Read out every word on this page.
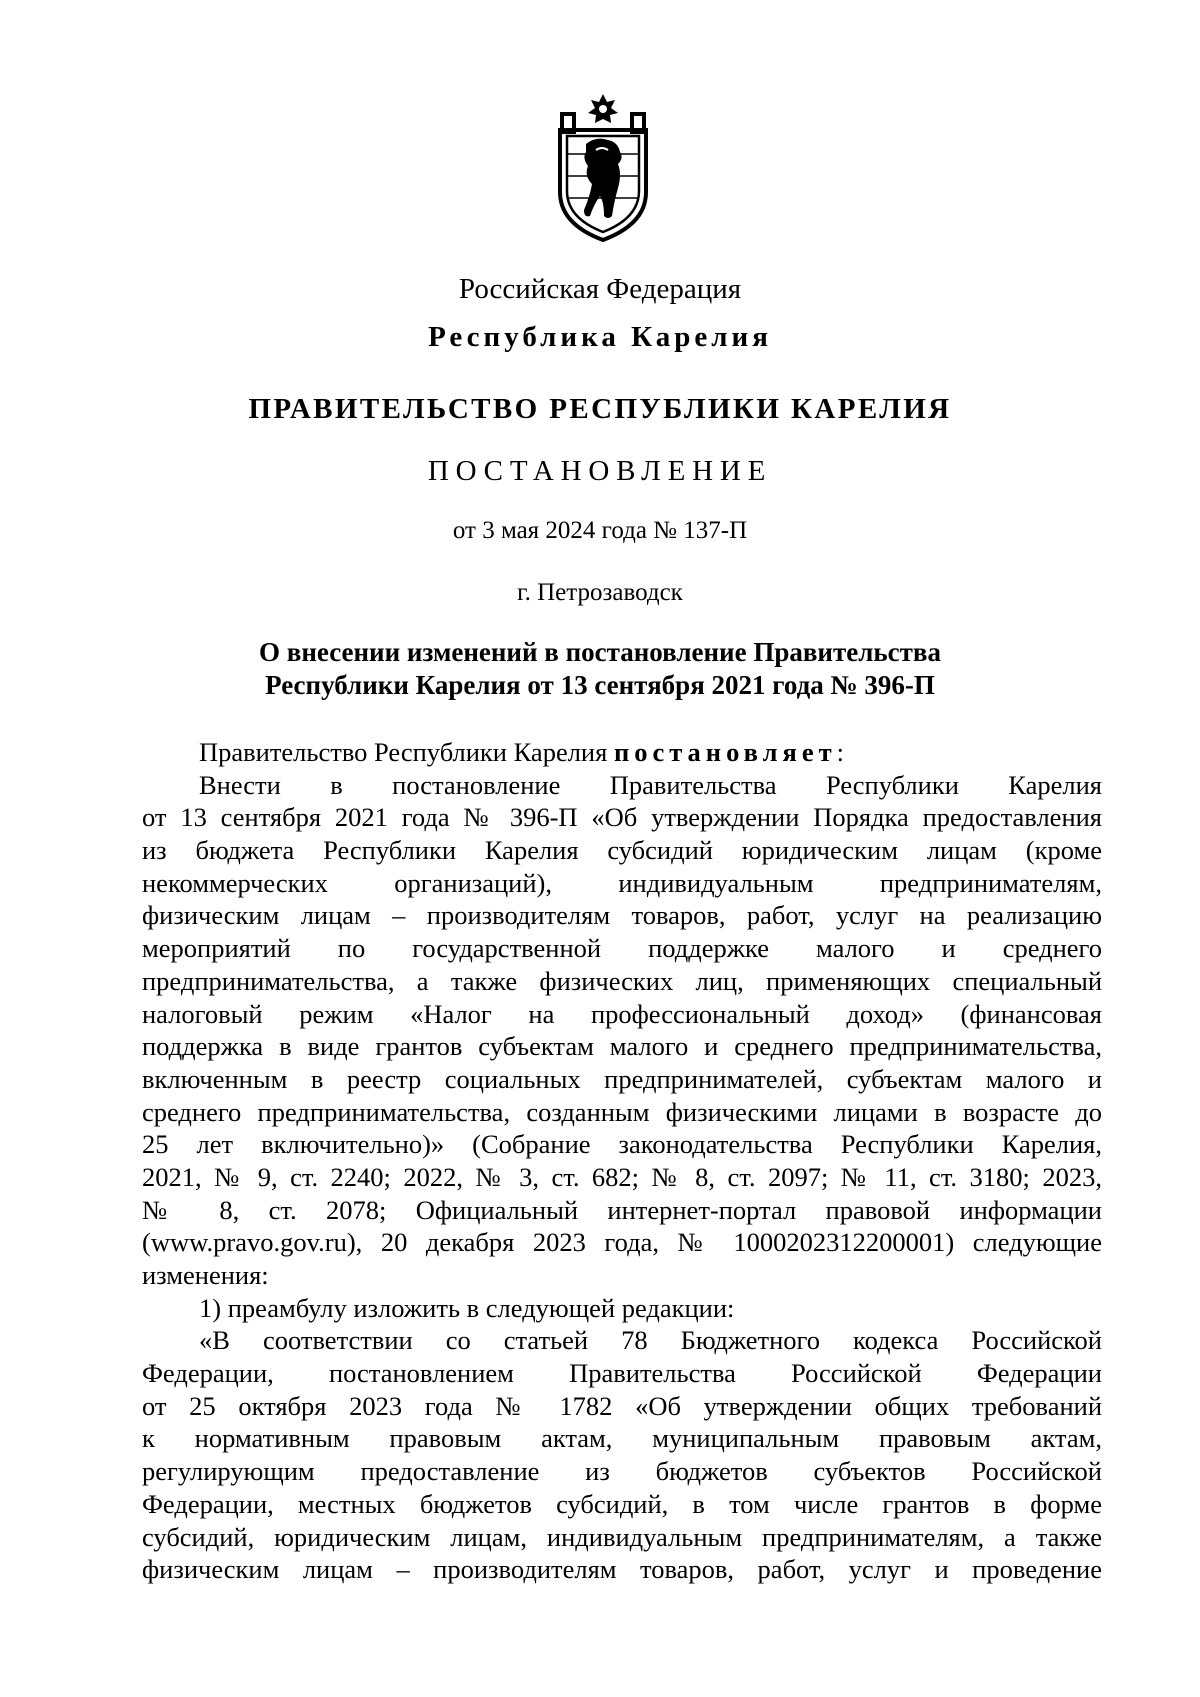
Российская Федерация
Республика Карелия
ПРАВИТЕЛЬСТВО РЕСПУБЛИКИ КАРЕЛИЯ
ПОСТАНОВЛЕНИЕ
от 3 мая 2024 года № 137-П
г. Петрозаводск
О внесении изменений в постановление Правительства
Республики Карелия от 13 сентября 2021 года № 396-П
Правительство Республики Карелия постановляет:
Внести в постановление Правительства Республики Карелия
от 13 сентября 2021 года № 396-П «Об утверждении Порядка предоставления
из бюджета Республики Карелия субсидий юридическим лицам (кроме
некоммерческих организаций), индивидуальным предпринимателям,
физическим лицам – производителям товаров, работ, услуг на реализацию
мероприятий по государственной поддержке малого и среднего
предпринимательства, а также физических лиц, применяющих специальный
налоговый режим «Налог на профессиональный доход» (финансовая
поддержка в виде грантов субъектам малого и среднего предпринимательства,
включенным в реестр социальных предпринимателей, субъектам малого и
среднего предпринимательства, созданным физическими лицами в возрасте до
25 лет включительно)» (Собрание законодательства Республики Карелия,
2021, № 9, ст. 2240; 2022, № 3, ст. 682; № 8, ст. 2097; № 11, ст. 3180; 2023,
№ 8, ст. 2078; Официальный интернет-портал правовой информации
(www.pravo.gov.ru), 20 декабря 2023 года, № 1000202312200001) следующие
изменения:
1) преамбулу изложить в следующей редакции:
«В соответствии со статьей 78 Бюджетного кодекса Российской
Федерации, постановлением Правительства Российской Федерации
от 25 октября 2023 года № 1782 «Об утверждении общих требований
к нормативным правовым актам, муниципальным правовым актам,
регулирующим предоставление из бюджетов субъектов Российской
Федерации, местных бюджетов субсидий, в том числе грантов в форме
субсидий, юридическим лицам, индивидуальным предпринимателям, а также
физическим лицам – производителям товаров, работ, услуг и проведение
